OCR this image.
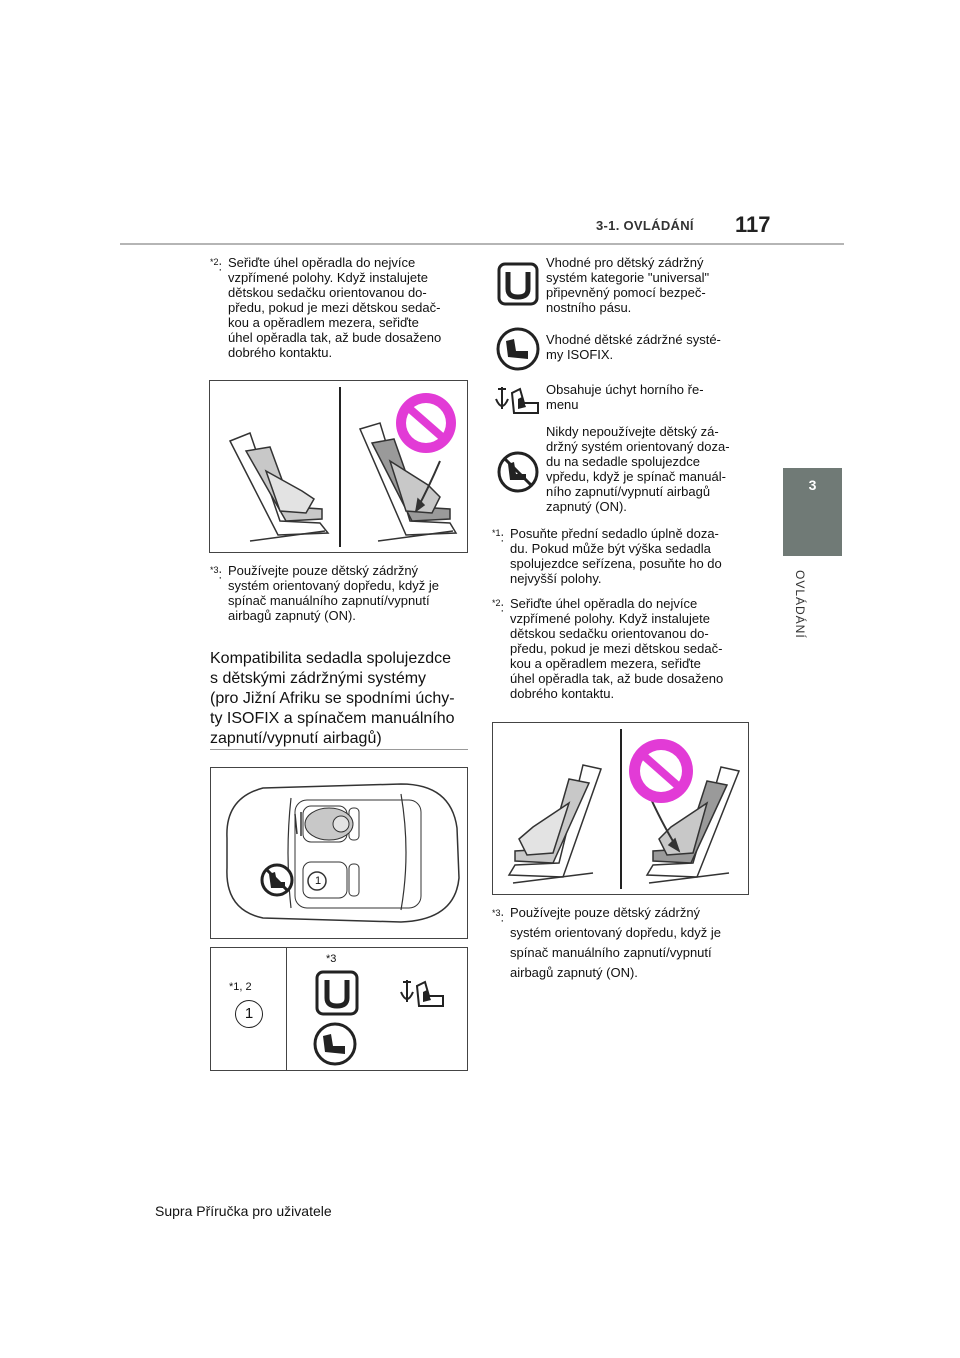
3-1. OVLÁDÁNÍ 117
3
OVLÁDÁNÍ
$^{*2}$: Seřiďte úhel opěradla do nejvíce
vzpřímené polohy. Když instalujete
dětskou sedačku orientovanou do-
předu, pokud je mezi dětskou sedač-
kou a opěradlem mezera, seřiďte
úhel opěradla tak, až bude dosaženo
dobrého kontaktu.
$^{*3}$: Používejte pouze dětský zádržný
systém orientovaný dopředu, když je
spínač manuálního zapnutí/vypnutí
airbagů zapnutý (ON).
Kompatibilita sedadla spolujezdce
s dětskými zádržnými systémy
(pro Jižní Afriku se spodními úchy-
ty ISOFIX a spínačem manuálního
zapnutí/vypnutí airbagů)
1
*1, 2
1
*3
Vhodné pro dětský zádržný
systém kategorie "universal"
připevněný pomocí bezpeč-
nostního pásu.
Vhodné dětské zádržné systé-
my ISOFIX.
Obsahuje úchyt horního ře-
menu
Nikdy nepoužívejte dětský zá-
držný systém orientovaný doza-
du na sedadle spolujezdce
vpředu, když je spínač manuál-
ního zapnutí/vypnutí airbagů
zapnutý (ON).
$^{*1}$: Posuňte přední sedadlo úplně doza-
du. Pokud může být výška sedadla
spolujezdce seřízena, posuňte ho do
nejvyšší polohy.
$^{*2}$: Seřiďte úhel opěradla do nejvíce
vzpřímené polohy. Když instalujete
dětskou sedačku orientovanou do-
předu, pokud je mezi dětskou sedač-
kou a opěradlem mezera, seřiďte
úhel opěradla tak, až bude dosaženo
dobrého kontaktu.
$^{*3}$: Používejte pouze dětský zádržný
systém orientovaný dopředu, když je
spínač manuálního zapnutí/vypnutí
airbagů zapnutý (ON).
Supra Příručka pro uživatele
